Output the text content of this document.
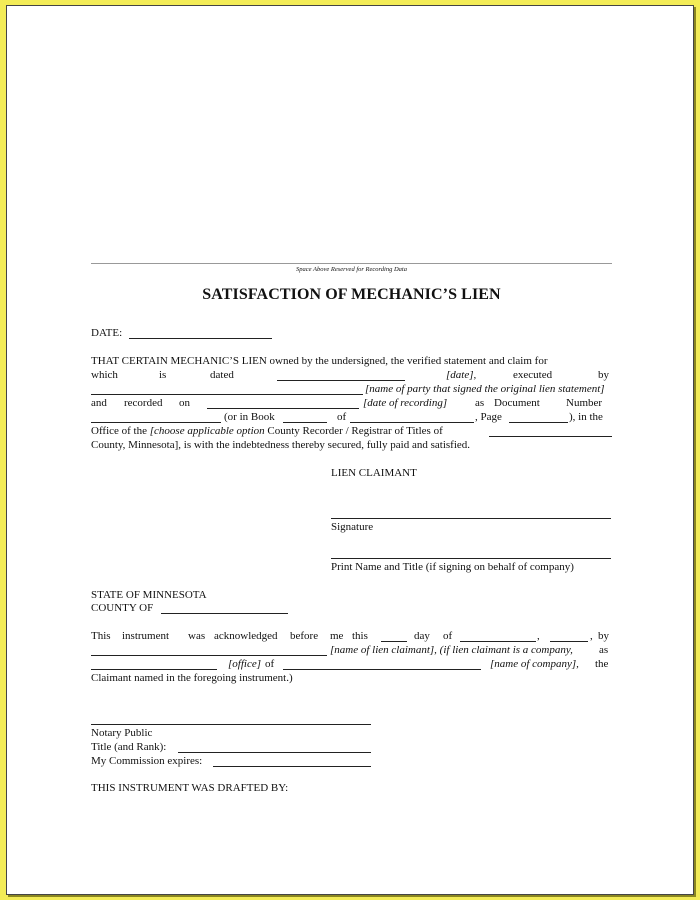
Space Above Reserved for Recording Data
SATISFACTION OF MECHANIC’S LIEN
DATE:
THAT CERTAIN MECHANIC’S LIEN owned by the undersigned, the verified statement and claim for
which	is	dated	[date],	executed	by
[name of party that signed the original lien statement]
and recorded on	[date of recording]	as Document Number
(or in Book	of	, Page	), in the
Office of the [choose applicable option County Recorder / Registrar of Titles of
County, Minnesota], is with the indebtedness thereby secured, fully paid and satisfied.
LIEN CLAIMANT
Signature
Print Name and Title (if signing on behalf of company)
STATE OF MINNESOTA
COUNTY OF
This instrument was acknowledged before me this	day of	,	, by
[name of lien claimant], (if lien claimant is a company, as
[office] of	[name of company], the
Claimant named in the foregoing instrument.)
Notary Public
Title (and Rank):
My Commission expires:
THIS INSTRUMENT WAS DRAFTED BY:
